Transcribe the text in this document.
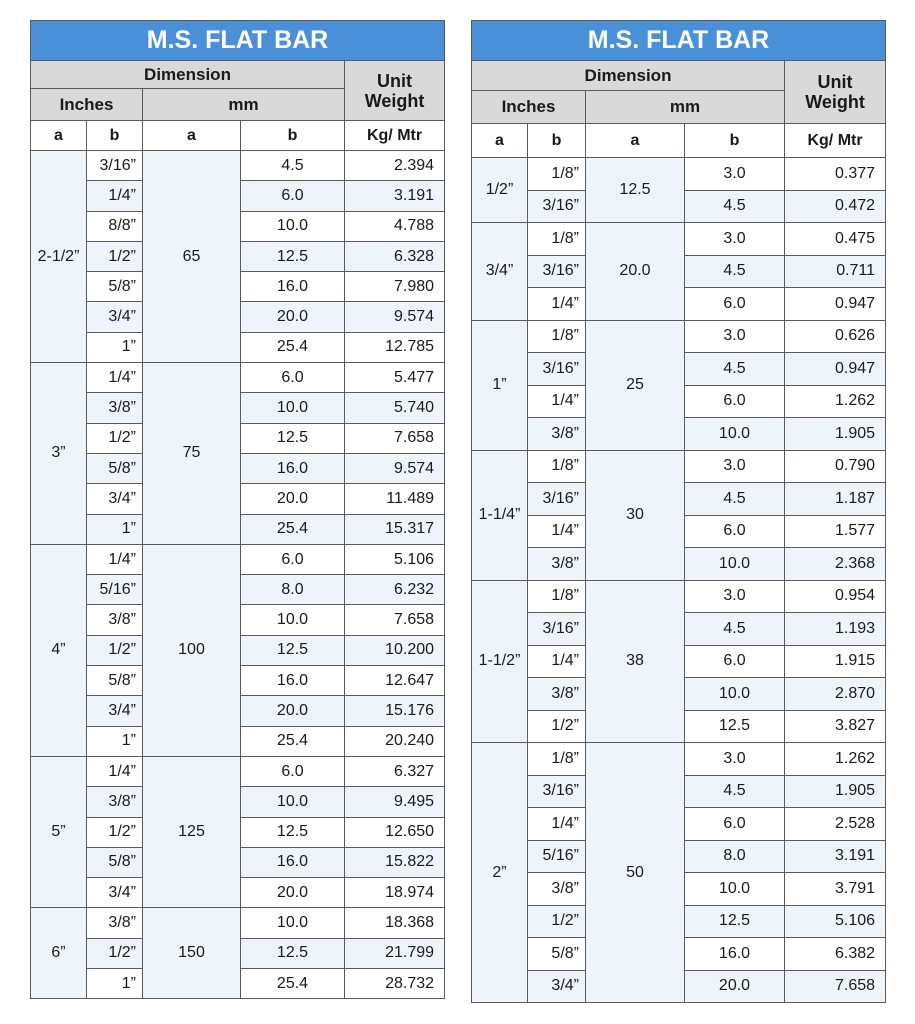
M.S. FLAT BAR				
Dimension				Unit
Weight
Inches		mm		
a	b	a	b	Kg/ Mtr
2-1/2”	3/16”	65	4.5	2.394
	1/4”		6.0	3.191
	8/8”		10.0	4.788
	1/2”		12.5	6.328
	5/8”		16.0	7.980
	3/4”		20.0	9.574
	1”		25.4	12.785
3”	1/4”	75	6.0	5.477
	3/8”		10.0	5.740
	1/2”		12.5	7.658
	5/8”		16.0	9.574
	3/4”		20.0	11.489
	1”		25.4	15.317
4”	1/4”	100	6.0	5.106
	5/16”		8.0	6.232
	3/8”		10.0	7.658
	1/2”		12.5	10.200
	5/8”		16.0	12.647
	3/4”		20.0	15.176
	1”		25.4	20.240
5”	1/4”	125	6.0	6.327
	3/8”		10.0	9.495
	1/2”		12.5	12.650
	5/8”		16.0	15.822
	3/4”		20.0	18.974
6”	3/8”	150	10.0	18.368
	1/2”		12.5	21.799
	1”		25.4	28.732
M.S. FLAT BAR				
Dimension				Unit
Weight
Inches		mm		
a	b	a	b	Kg/ Mtr
1/2”	1/8”	12.5	3.0	0.377
	3/16”		4.5	0.472
3/4”	1/8”	20.0	3.0	0.475
	3/16”		4.5	0.711
	1/4”		6.0	0.947
1”	1/8”	25	3.0	0.626
	3/16”		4.5	0.947
	1/4”		6.0	1.262
	3/8”		10.0	1.905
1-1/4”	1/8”	30	3.0	0.790
	3/16”		4.5	1.187
	1/4”		6.0	1.577
	3/8”		10.0	2.368
1-1/2”	1/8”	38	3.0	0.954
	3/16”		4.5	1.193
	1/4”		6.0	1.915
	3/8”		10.0	2.870
	1/2”		12.5	3.827
2”	1/8”	50	3.0	1.262
	3/16”		4.5	1.905
	1/4”		6.0	2.528
	5/16”		8.0	3.191
	3/8”		10.0	3.791
	1/2”		12.5	5.106
	5/8”		16.0	6.382
	3/4”		20.0	7.658
